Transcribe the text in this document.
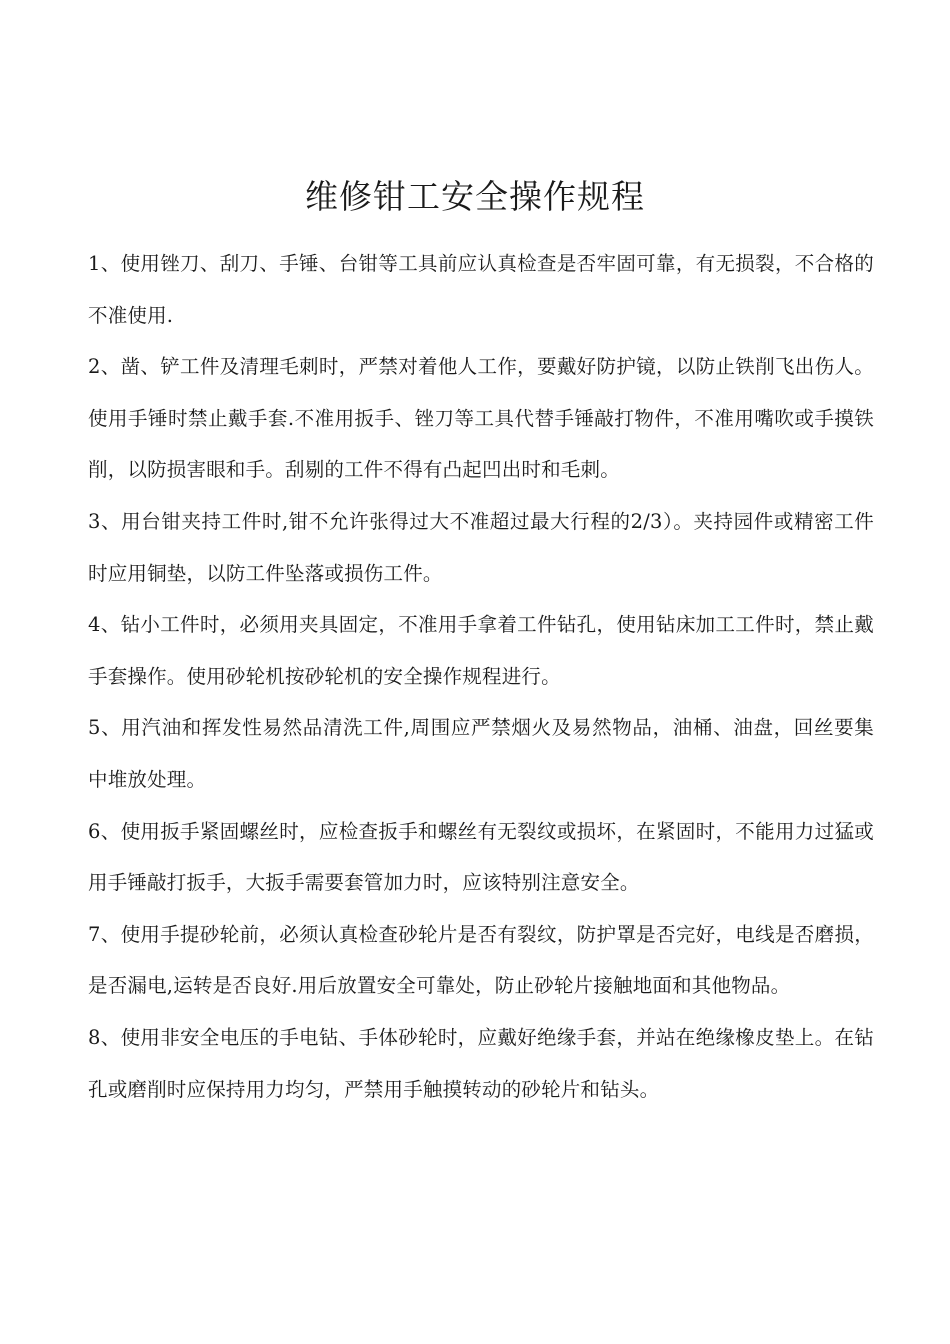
维修钳工安全操作规程
1、使用锉刀、刮刀、手锤、台钳等工具前应认真检查是否牢固可靠，有无损裂，不合格的不准使用.
2、凿、铲工件及清理毛刺时，严禁对着他人工作，要戴好防护镜，以防止铁削飞出伤人。使用手锤时禁止戴手套.不准用扳手、锉刀等工具代替手锤敲打物件，不准用嘴吹或手摸铁削，以防损害眼和手。刮剔的工件不得有凸起凹出时和毛刺。
3、用台钳夹持工件时,钳不允许张得过大不准超过最大行程的2/3）。夹持园件或精密工件时应用铜垫，以防工件坠落或损伤工件。
4、钻小工件时，必须用夹具固定，不准用手拿着工件钻孔，使用钻床加工工件时，禁止戴手套操作。使用砂轮机按砂轮机的安全操作规程进行。
5、用汽油和挥发性易然品清洗工件,周围应严禁烟火及易然物品，油桶、油盘，回丝要集中堆放处理。
6、使用扳手紧固螺丝时，应检查扳手和螺丝有无裂纹或损坏，在紧固时，不能用力过猛或用手锤敲打扳手，大扳手需要套管加力时，应该特别注意安全。
7、使用手提砂轮前，必须认真检查砂轮片是否有裂纹，防护罩是否完好，电线是否磨损，是否漏电,运转是否良好.用后放置安全可靠处，防止砂轮片接触地面和其他物品。
8、使用非安全电压的手电钻、手体砂轮时，应戴好绝缘手套，并站在绝缘橡皮垫上。在钻孔或磨削时应保持用力均匀，严禁用手触摸转动的砂轮片和钻头。
